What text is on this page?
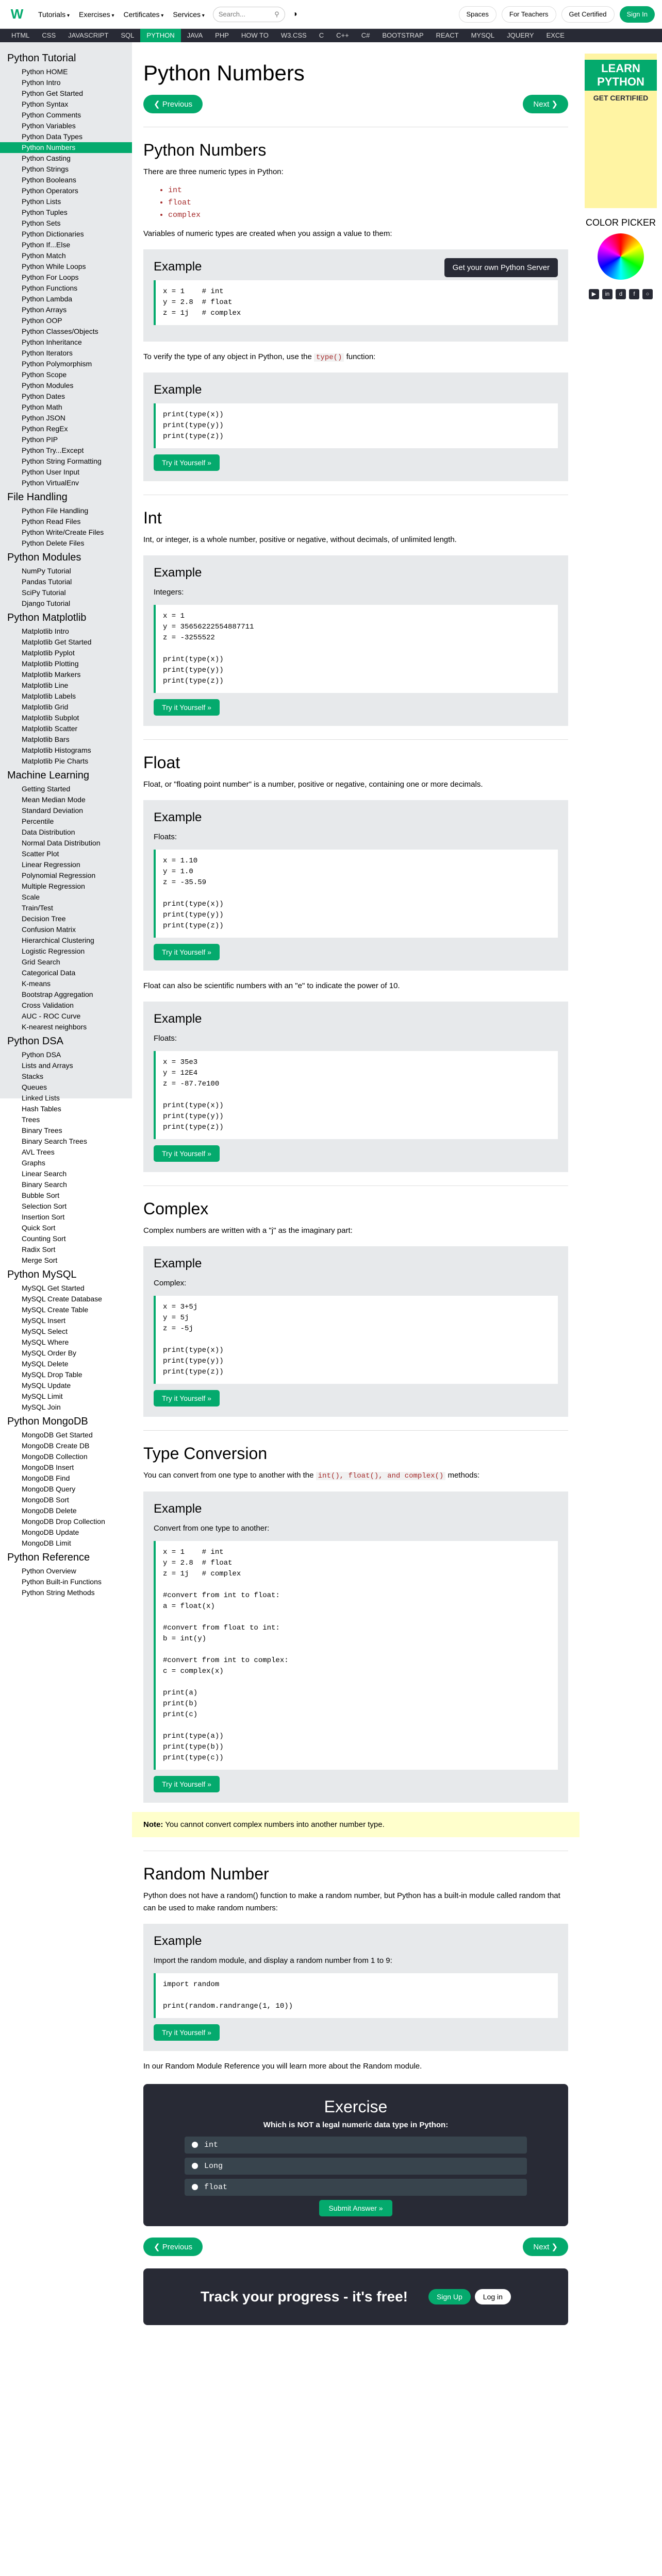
W	Tutorials ▾	Exercises ▾	Certificates ▾	Services ▾	Search...	⚲ ◑	Spaces	For Teachers	Get Certified	Sign In
HTML	CSS	JAVASCRIPT	SQL	PYTHON	JAVA	PHP	HOW TO	W3.CSS	C	C++	C#	BOOTSTRAP	REACT	MYSQL	JQUERY	EXCE
Python Tutorial
Python HOME
Python Intro
Python Get Started
Python Syntax
Python Comments
Python Variables
Python Data Types
Python Numbers
Python Casting
Python Strings
Python Booleans
Python Operators
Python Lists
Python Tuples
Python Sets
Python Dictionaries
Python If...Else
Python Match
Python While Loops
Python For Loops
Python Functions
Python Lambda
Python Arrays
Python OOP
Python Classes/Objects
Python Inheritance
Python Iterators
Python Polymorphism
Python Scope
Python Modules
Python Dates
Python Math
Python JSON
Python RegEx
Python PIP
Python Try...Except
Python String Formatting
Python User Input
Python VirtualEnv
File Handling
Python File Handling
Python Read Files
Python Write/Create Files
Python Delete Files
Python Modules
NumPy Tutorial
Pandas Tutorial
SciPy Tutorial
Django Tutorial
Python Matplotlib
Matplotlib Intro
Matplotlib Get Started
Matplotlib Pyplot
Matplotlib Plotting
Matplotlib Markers
Matplotlib Line
Matplotlib Labels
Matplotlib Grid
Matplotlib Subplot
Matplotlib Scatter
Matplotlib Bars
Matplotlib Histograms
Matplotlib Pie Charts
Machine Learning
Getting Started
Mean Median Mode
Standard Deviation
Percentile
Data Distribution
Normal Data Distribution
Scatter Plot
Linear Regression
Polynomial Regression
Multiple Regression
Scale
Train/Test
Decision Tree
Confusion Matrix
Hierarchical Clustering
Logistic Regression
Grid Search
Categorical Data
K-means
Bootstrap Aggregation
Cross Validation
AUC - ROC Curve
K-nearest neighbors
Python DSA
Python DSA
Lists and Arrays
Stacks
Queues
Linked Lists
Hash Tables
Trees
Binary Trees
Binary Search Trees
AVL Trees
Graphs
Linear Search
Binary Search
Bubble Sort
Selection Sort
Insertion Sort
Quick Sort
Counting Sort
Radix Sort
Merge Sort
Python MySQL
MySQL Get Started
MySQL Create Database
MySQL Create Table
MySQL Insert
MySQL Select
MySQL Where
MySQL Order By
MySQL Delete
MySQL Drop Table
MySQL Update
MySQL Limit
MySQL Join
Python MongoDB
MongoDB Get Started
MongoDB Create DB
MongoDB Collection
MongoDB Insert
MongoDB Find
MongoDB Query
MongoDB Sort
MongoDB Delete
MongoDB Drop Collection
MongoDB Update
MongoDB Limit
Python Reference
Python Overview
Python Built-in Functions
Python String Methods
Python Numbers
❮ Previous	Next ❯
Python Numbers

There are three numeric types in Python:

• int
• float
• complex

Variables of numeric types are created when you assign a value to them:

Example	Get your own Python Server
x = 1    # int
y = 2.8  # float
z = 1j   # complex

To verify the type of any object in Python, use the type() function:

Example
print(type(x))
print(type(y))
print(type(z))
Try it Yourself »
Int

Int, or integer, is a whole number, positive or negative, without decimals, of unlimited length.

Example

Integers:

x = 1
y = 35656222554887711
z = -3255522

print(type(x))
print(type(y))
print(type(z))
Try it Yourself »
Float

Float, or "floating point number" is a number, positive or negative, containing one or more decimals.

Example

Floats:

x = 1.10
y = 1.0
z = -35.59

print(type(x))
print(type(y))
print(type(z))
Try it Yourself »

Float can also be scientific numbers with an "e" to indicate the power of 10.

Example

Floats:

x = 35e3
y = 12E4
z = -87.7e100

print(type(x))
print(type(y))
print(type(z))
Try it Yourself »
Complex

Complex numbers are written with a "j" as the imaginary part:

Example

Complex:

x = 3+5j
y = 5j
z = -5j

print(type(x))
print(type(y))
print(type(z))
Try it Yourself »
Type Conversion

You can convert from one type to another with the int(), float(), and complex() methods:

Example

Convert from one type to another:

x = 1    # int
y = 2.8  # float
z = 1j   # complex

#convert from int to float:
a = float(x)

#convert from float to int:
b = int(y)

#convert from int to complex:
c = complex(x)

print(a)
print(b)
print(c)

print(type(a))
print(type(b))
print(type(c))
Try it Yourself »
Note: You cannot convert complex numbers into another number type.
Random Number

Python does not have a random() function to make a random number, but Python has a built-in module called random that can be used to make random numbers:

Example

Import the random module, and display a random number from 1 to 9:

import random

print(random.randrange(1, 10))
Try it Yourself »

In our Random Module Reference you will learn more about the Random module.

Exercise
Which is NOT a legal numeric data type in Python:
int
Long
float
Submit Answer »
❮ Previous	Next ❯
Track your progress - it's free!	Sign Up	Log in
LEARN PYTHON
GET CERTIFIED
COLOR PICKER
▶	in	d	f	○
